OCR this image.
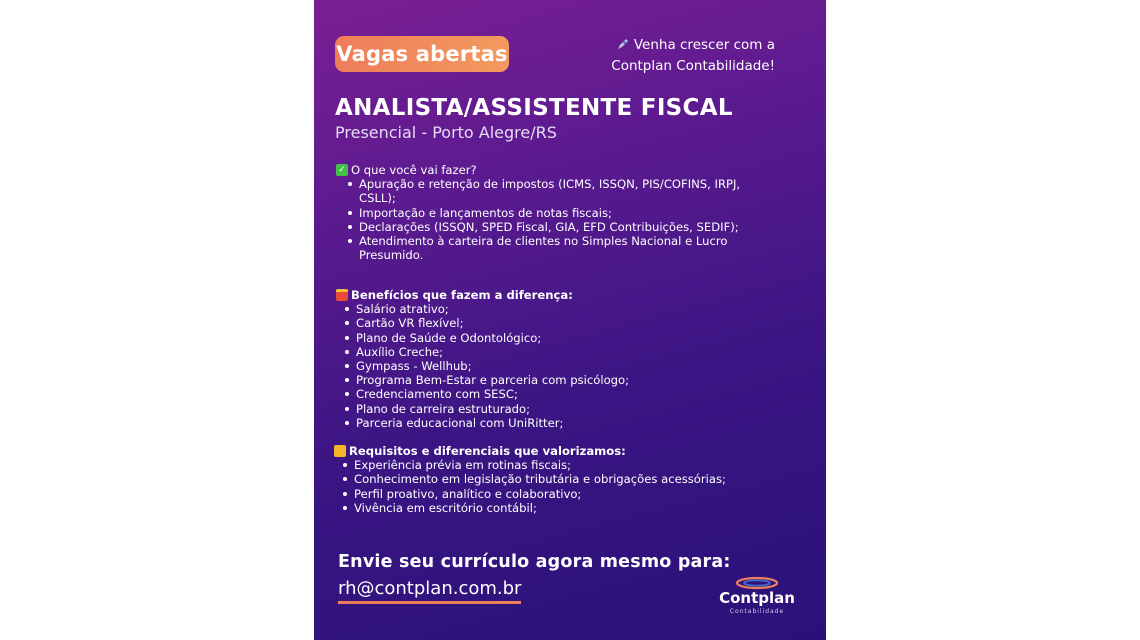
Vagas abertas	Venha crescer com a
Contplan Contabilidade!
ANALISTA/ASSISTENTE FISCAL
Presencial - Porto Alegre/RS
✓ O que você vai fazer?
Apuração e retenção de impostos (ICMS, ISSQN, PIS/COFINS, IRPJ, CSLL);
Importação e lançamentos de notas fiscais;
Declarações (ISSQN, SPED Fiscal, GIA, EFD Contribuições, SEDIF);
Atendimento à carteira de clientes no Simples Nacional e Lucro Presumido.
Benefícios que fazem a diferença:
Salário atrativo;
Cartão VR flexível;
Plano de Saúde e Odontológico;
Auxílio Creche;
Gympass - Wellhub;
Programa Bem-Estar e parceria com psicólogo;
Credenciamento com SESC;
Plano de carreira estruturado;
Parceria educacional com UniRitter;
Requisitos e diferenciais que valorizamos:
Experiência prévia em rotinas fiscais;
Conhecimento em legislação tributária e obrigações acessórias;
Perfil proativo, analítico e colaborativo;
Vivência em escritório contábil;
Envie seu currículo agora mesmo para:
rh@contplan.com.br	Contplan
Contabilidade
